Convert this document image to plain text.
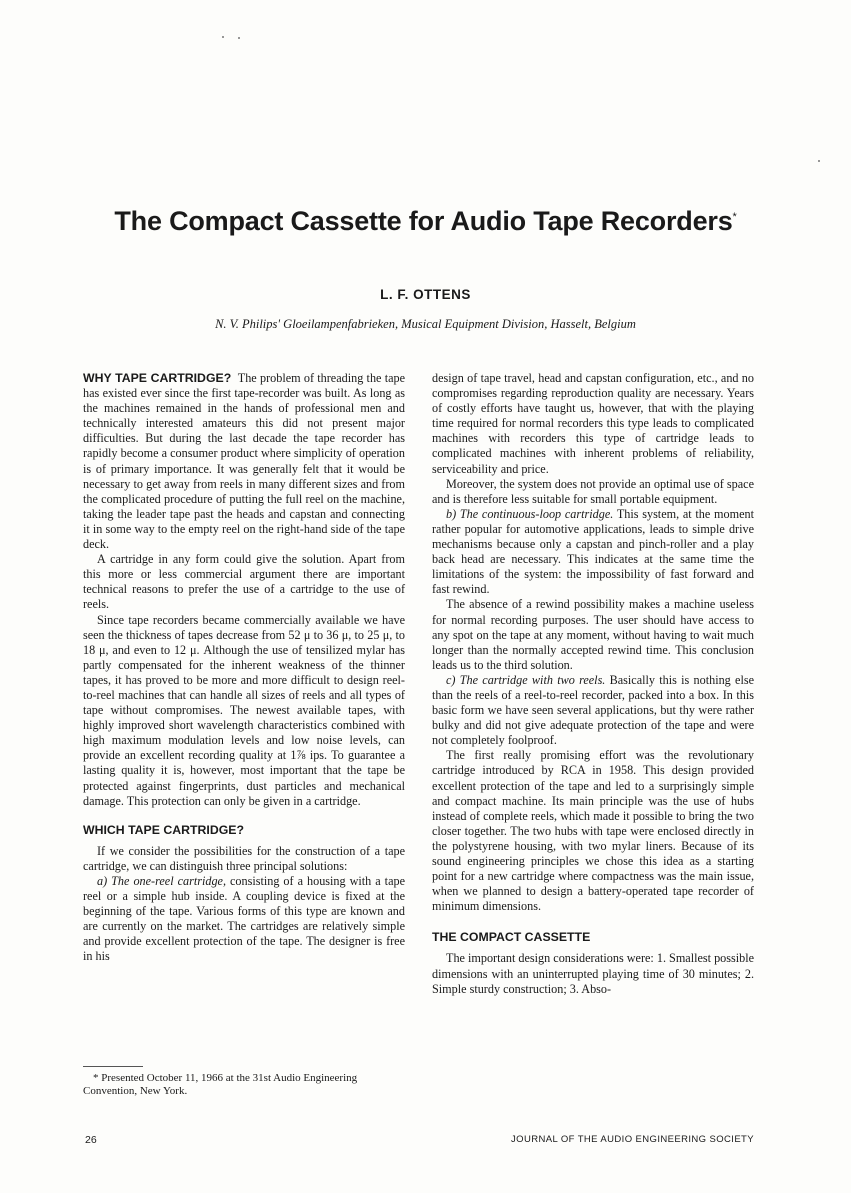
The Compact Cassette for Audio Tape Recorders*
L. F. OTTENS
N. V. Philips' Gloeilampenfabrieken, Musical Equipment Division, Hasselt, Belgium

WHY TAPE CARTRIDGE? The problem of threading the tape has existed ever since the first tape-recorder was built. As long as the machines remained in the hands of professional men and technically interested amateurs this did not present major difficulties. But during the last decade the tape recorder has rapidly become a consumer product where simplicity of operation is of primary importance. It was generally felt that it would be necessary to get away from reels in many different sizes and from the complicated procedure of putting the full reel on the machine, taking the leader tape past the heads and capstan and connecting it in some way to the empty reel on the right-hand side of the tape deck.

A cartridge in any form could give the solution. Apart from this more or less commercial argument there are important technical reasons to prefer the use of a cartridge to the use of reels.

Since tape recorders became commercially available we have seen the thickness of tapes decrease from 52 μ to 36 μ, to 25 μ, to 18 μ, and even to 12 μ. Although the use of tensilized mylar has partly compensated for the inherent weakness of the thinner tapes, it has proved to be more and more difficult to design reel-to-reel machines that can handle all sizes of reels and all types of tape without compromises. The newest available tapes, with highly improved short wavelength characteristics combined with high maximum modulation levels and low noise levels, can provide an excellent recording quality at 1⅞ ips. To guarantee a lasting quality it is, however, most important that the tape be protected against fingerprints, dust particles and mechanical damage. This protection can only be given in a cartridge.

WHICH TAPE CARTRIDGE?

If we consider the possibilities for the construction of a tape cartridge, we can distinguish three principal solutions:

a) The one-reel cartridge, consisting of a housing with a tape reel or a simple hub inside. A coupling device is fixed at the beginning of the tape. Various forms of this type are known and are currently on the market. The cartridges are relatively simple and provide excellent protection of the tape. The designer is free in his

design of tape travel, head and capstan configuration, etc., and no compromises regarding reproduction quality are necessary. Years of costly efforts have taught us, however, that with the playing time required for normal recorders this type leads to complicated machines with recorders this type of cartridge leads to complicated machines with inherent problems of reliability, serviceability and price.

Moreover, the system does not provide an optimal use of space and is therefore less suitable for small portable equipment.

b) The continuous-loop cartridge. This system, at the moment rather popular for automotive applications, leads to simple drive mechanisms because only a capstan and pinch-roller and a play back head are necessary. This indicates at the same time the limitations of the system: the impossibility of fast forward and fast rewind.

The absence of a rewind possibility makes a machine useless for normal recording purposes. The user should have access to any spot on the tape at any moment, without having to wait much longer than the normally accepted rewind time. This conclusion leads us to the third solution.

c) The cartridge with two reels. Basically this is nothing else than the reels of a reel-to-reel recorder, packed into a box. In this basic form we have seen several applications, but thy were rather bulky and did not give adequate protection of the tape and were not completely foolproof.

The first really promising effort was the revolutionary cartridge introduced by RCA in 1958. This design provided excellent protection of the tape and led to a surprisingly simple and compact machine. Its main principle was the use of hubs instead of complete reels, which made it possible to bring the two closer together. The two hubs with tape were enclosed directly in the polystyrene housing, with two mylar liners. Because of its sound engineering principles we chose this idea as a starting point for a new cartridge where compactness was the main issue, when we planned to design a battery-operated tape recorder of minimum dimensions.

THE COMPACT CASSETTE

The important design considerations were: 1. Smallest possible dimensions with an uninterrupted playing time of 30 minutes; 2. Simple sturdy construction; 3. Abso-

* Presented October 11, 1966 at the 31st Audio Engineering Convention, New York.
26	JOURNAL OF THE AUDIO ENGINEERING SOCIETY
